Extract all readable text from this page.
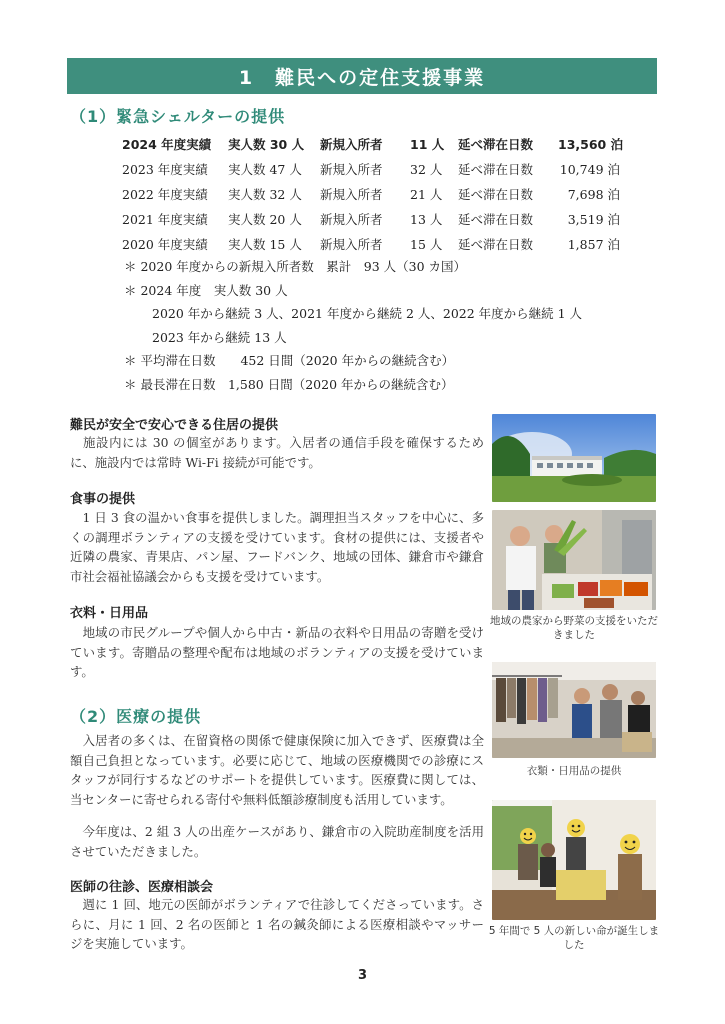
1　難民への定住支援事業
（1）緊急シェルターの提供
2024 年度実績	実人数 30 人	新規入所者	11 人	延べ滞在日数	13,560 泊
2023 年度実績	実人数 47 人	新規入所者	32 人	延べ滞在日数	10,749 泊
2022 年度実績	実人数 32 人	新規入所者	21 人	延べ滞在日数	7,698 泊
2021 年度実績	実人数 20 人	新規入所者	13 人	延べ滞在日数	3,519 泊
2020 年度実績	実人数 15 人	新規入所者	15 人	延べ滞在日数	1,857 泊
＊ 2020 年度からの新規入所者数　累計　93 人（30 カ国）
＊ 2024 年度　実人数 30 人
2020 年から継続 3 人、2021 年度から継続 2 人、2022 年度から継続 1 人
2023 年から継続 13 人
＊ 平均滞在日数　　452 日間（2020 年からの継続含む）
＊ 最長滞在日数　1,580 日間（2020 年からの継続含む）
難民が安全で安心できる住居の提供
　施設内には 30 の個室があります。入居者の通信手段を確保するために、施設内では常時 Wi-Fi 接続が可能です。
食事の提供
　1 日 3 食の温かい食事を提供しました。調理担当スタッフを中心に、多くの調理ボランティアの支援を受けています。食材の提供には、支援者や近隣の農家、青果店、パン屋、フードバンク、地域の団体、鎌倉市や鎌倉市社会福祉協議会からも支援を受けています。
衣料・日用品
　地域の市民グループや個人から中古・新品の衣料や日用品の寄贈を受けています。寄贈品の整理や配布は地域のボランティアの支援を受けています。
（2）医療の提供
　入居者の多くは、在留資格の関係で健康保険に加入できず、医療費は全額自己負担となっています。必要に応じて、地域の医療機関での診療にスタッフが同行するなどのサポートを提供しています。医療費に関しては、当センターに寄せられる寄付や無料低額診療制度も活用しています。
　今年度は、2 組 3 人の出産ケースがあり、鎌倉市の入院助産制度を活用させていただきました。
医師の往診、医療相談会
　週に 1 回、地元の医師がボランティアで往診してくださっています。さらに、月に 1 回、2 名の医師と 1 名の鍼灸師による医療相談やマッサージを実施しています。
地域の農家から野菜の支援をいただきました
衣類・日用品の提供
5 年間で 5 人の新しい命が誕生しました
3
